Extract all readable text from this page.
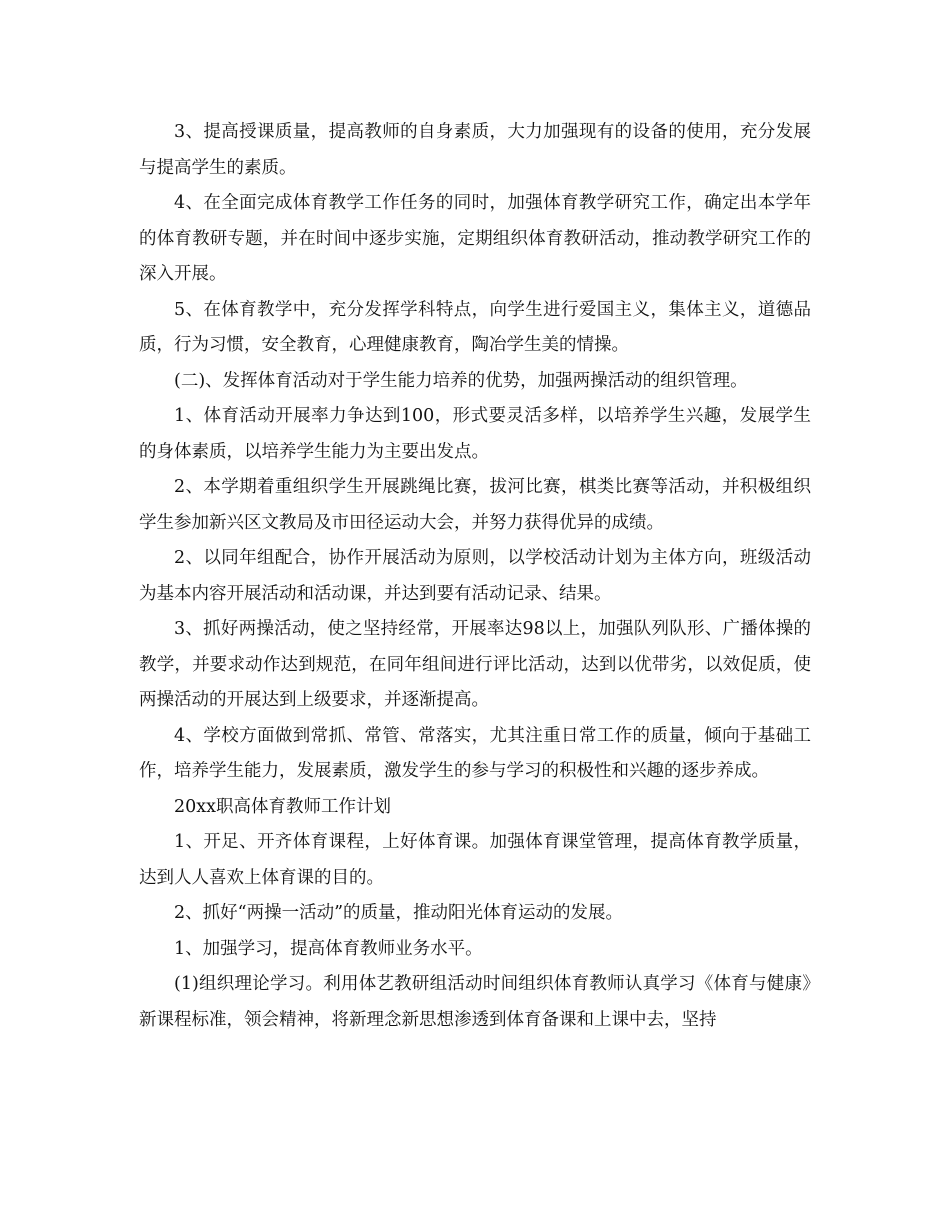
3、提高授课质量，提高教师的自身素质，大力加强现有的设备的使用，充分发展与提高学生的素质。

4、在全面完成体育教学工作任务的同时，加强体育教学研究工作，确定出本学年的体育教研专题，并在时间中逐步实施，定期组织体育教研活动，推动教学研究工作的深入开展。

5、在体育教学中，充分发挥学科特点，向学生进行爱国主义，集体主义，道德品质，行为习惯，安全教育，心理健康教育，陶冶学生美的情操。

(二)、发挥体育活动对于学生能力培养的优势，加强两操活动的组织管理。

1、体育活动开展率力争达到100，形式要灵活多样，以培养学生兴趣，发展学生的身体素质，以培养学生能力为主要出发点。

2、本学期着重组织学生开展跳绳比赛，拔河比赛，棋类比赛等活动，并积极组织学生参加新兴区文教局及市田径运动大会，并努力获得优异的成绩。

2、以同年组配合，协作开展活动为原则，以学校活动计划为主体方向，班级活动为基本内容开展活动和活动课，并达到要有活动记录、结果。

3、抓好两操活动，使之坚持经常，开展率达98以上，加强队列队形、广播体操的教学，并要求动作达到规范，在同年组间进行评比活动，达到以优带劣，以效促质，使两操活动的开展达到上级要求，并逐渐提高。

4、学校方面做到常抓、常管、常落实，尤其注重日常工作的质量，倾向于基础工作，培养学生能力，发展素质，激发学生的参与学习的积极性和兴趣的逐步养成。

20xx职高体育教师工作计划

1、开足、开齐体育课程，上好体育课。加强体育课堂管理，提高体育教学质量，达到人人喜欢上体育课的目的。

2、抓好“两操一活动”的质量，推动阳光体育运动的发展。

1、加强学习，提高体育教师业务水平。

(1)组织理论学习。利用体艺教研组活动时间组织体育教师认真学习《体育与健康》新课程标准，领会精神，将新理念新思想渗透到体育备课和上课中去，坚持
